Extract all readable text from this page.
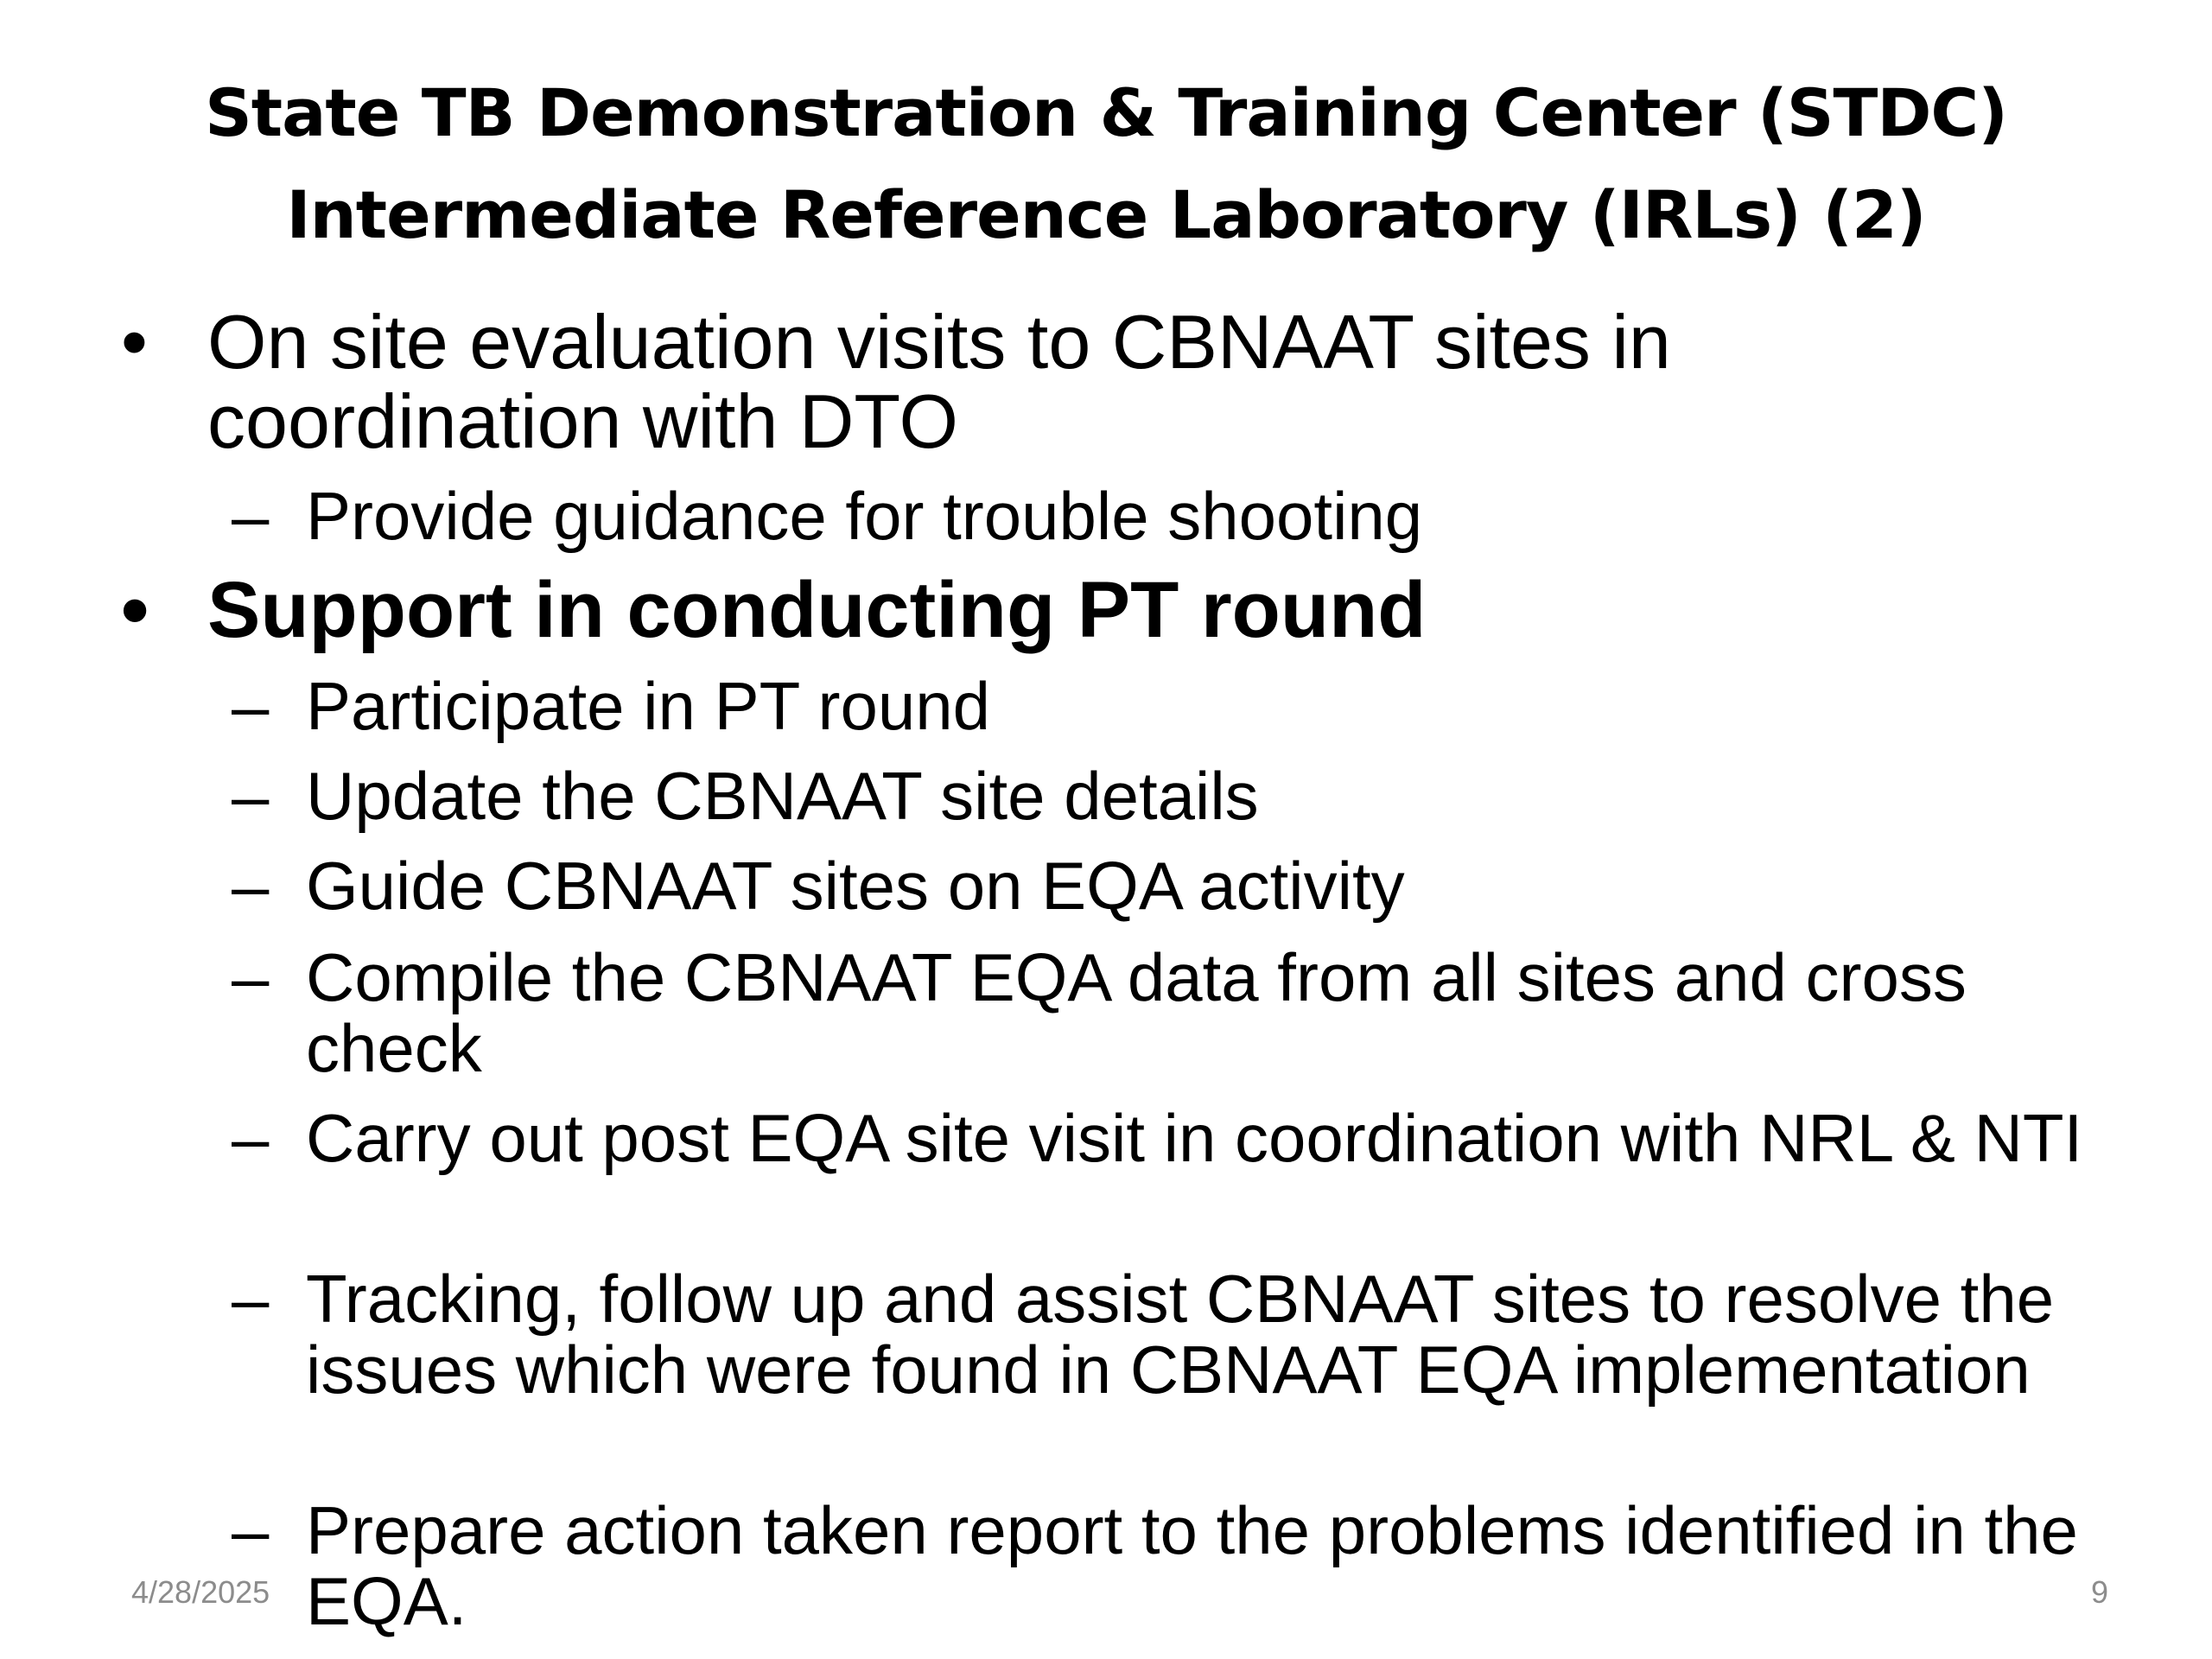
State TB Demonstration & Training Center (STDC)
Intermediate Reference Laboratory (IRLs) (2)
• On site evaluation visits to CBNAAT sites in coordination with DTO
– Provide guidance for trouble shooting
• Support in conducting PT round
– Participate in PT round
– Update the CBNAAT site details
– Guide CBNAAT sites on EQA activity
– Compile the CBNAAT EQA data from all sites and cross check
– Carry out post EQA site visit in coordination with NRL & NTI
– Tracking, follow up and assist CBNAAT sites to resolve the issues which were found in CBNAAT EQA implementation
– Prepare action taken report to the problems identified in the EQA.
4/28/2025	9
